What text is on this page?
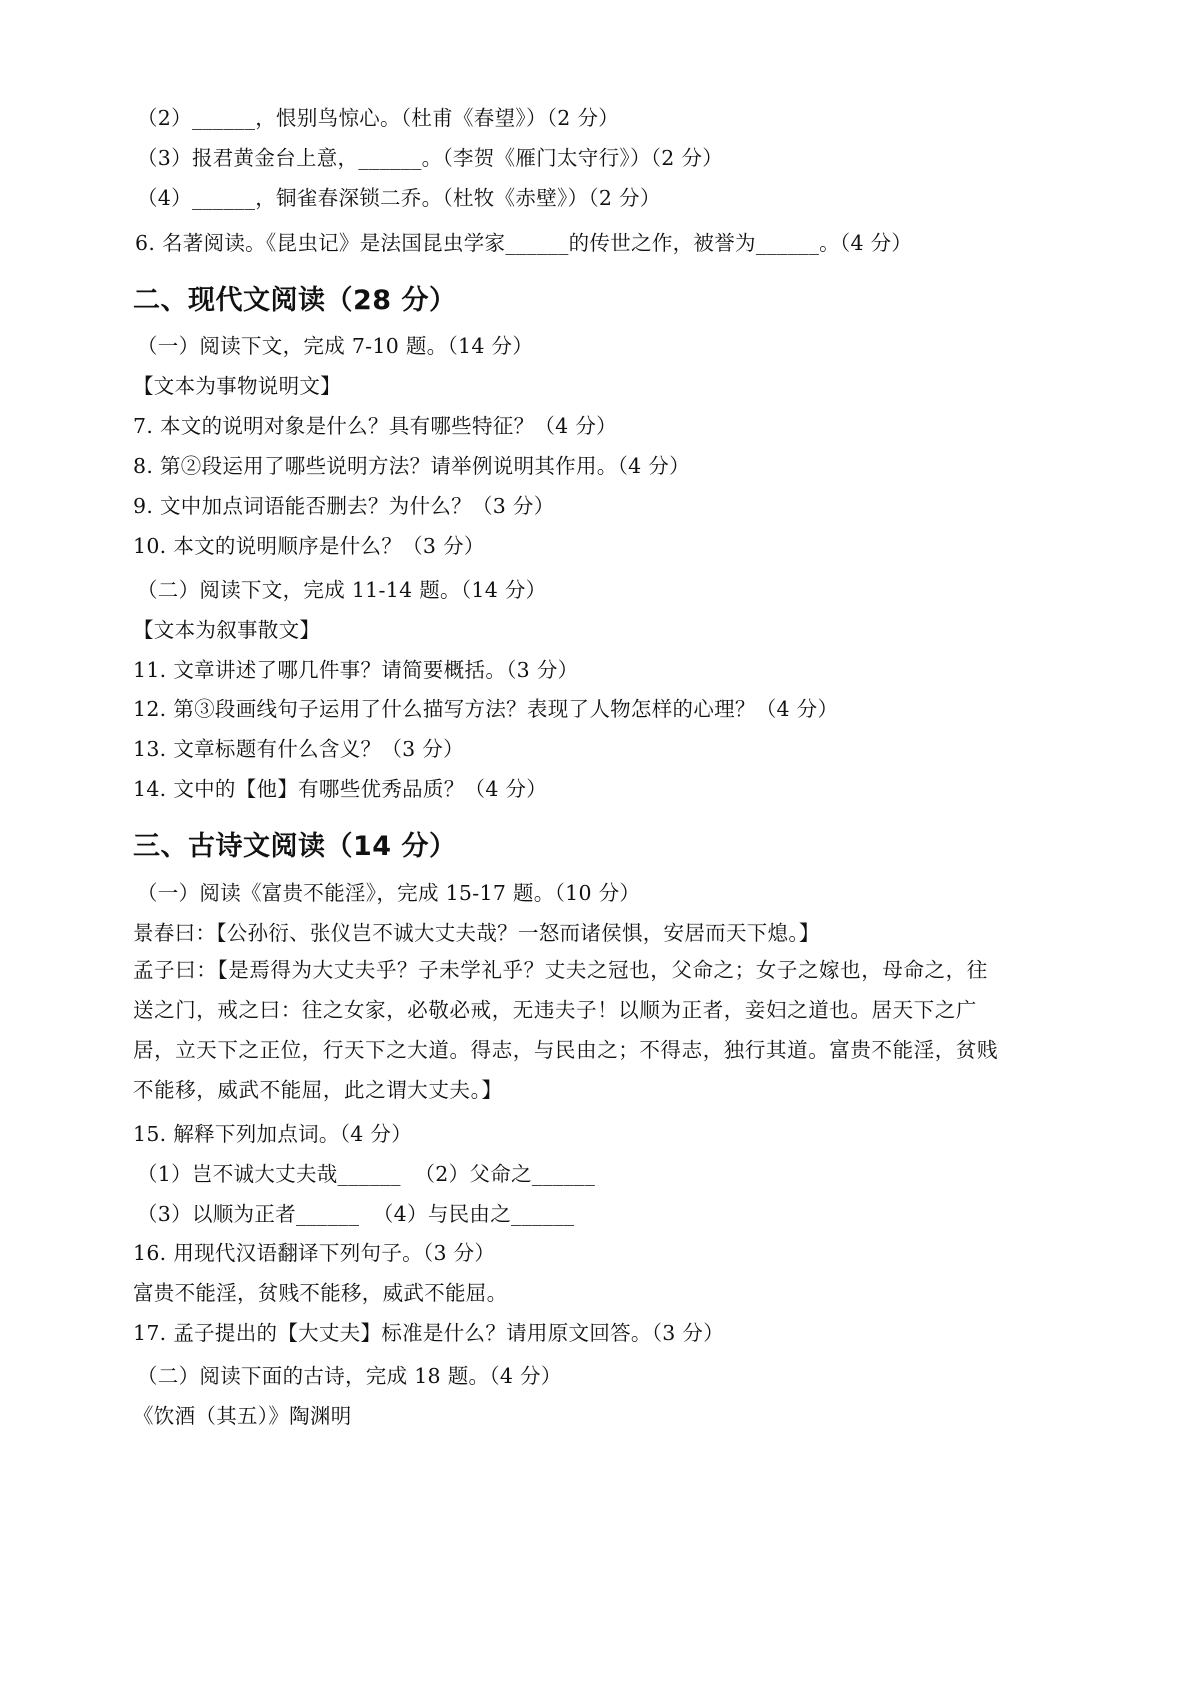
（2）______，恨别鸟惊心。（杜甫《春望》）（2 分）
（3）报君黄金台上意，______。（李贺《雁门太守行》）（2 分）
（4）______，铜雀春深锁二乔。（杜牧《赤壁》）（2 分）
6. 名著阅读。《昆虫记》是法国昆虫学家______的传世之作，被誉为______。（4 分）
二、现代文阅读（28 分）
（一）阅读下文，完成 7-10 题。（14 分）
【文本为事物说明文】
7. 本文的说明对象是什么？具有哪些特征？（4 分）
8. 第②段运用了哪些说明方法？请举例说明其作用。（4 分）
9. 文中加点词语能否删去？为什么？（3 分）
10. 本文的说明顺序是什么？（3 分）
（二）阅读下文，完成 11-14 题。（14 分）
【文本为叙事散文】
11. 文章讲述了哪几件事？请简要概括。（3 分）
12. 第③段画线句子运用了什么描写方法？表现了人物怎样的心理？（4 分）
13. 文章标题有什么含义？（3 分）
14. 文中的【他】有哪些优秀品质？（4 分）
三、古诗文阅读（14 分）
（一）阅读《富贵不能淫》，完成 15-17 题。（10 分）
景春曰：【公孙衍、张仪岂不诚大丈夫哉？一怒而诸侯惧，安居而天下熄。】
孟子曰：【是焉得为大丈夫乎？子未学礼乎？丈夫之冠也，父命之；女子之嫁也，母命之，往
送之门，戒之曰：往之女家，必敬必戒，无违夫子！以顺为正者，妾妇之道也。居天下之广
居，立天下之正位，行天下之大道。得志，与民由之；不得志，独行其道。富贵不能淫，贫贱
不能移，威武不能屈，此之谓大丈夫。】
15. 解释下列加点词。（4 分）
（1）岂不诚大丈夫哉______  （2）父命之______
（3）以顺为正者______  （4）与民由之______
16. 用现代汉语翻译下列句子。（3 分）
富贵不能淫，贫贱不能移，威武不能屈。
17. 孟子提出的【大丈夫】标准是什么？请用原文回答。（3 分）
（二）阅读下面的古诗，完成 18 题。（4 分）
《饮酒（其五）》陶渊明
